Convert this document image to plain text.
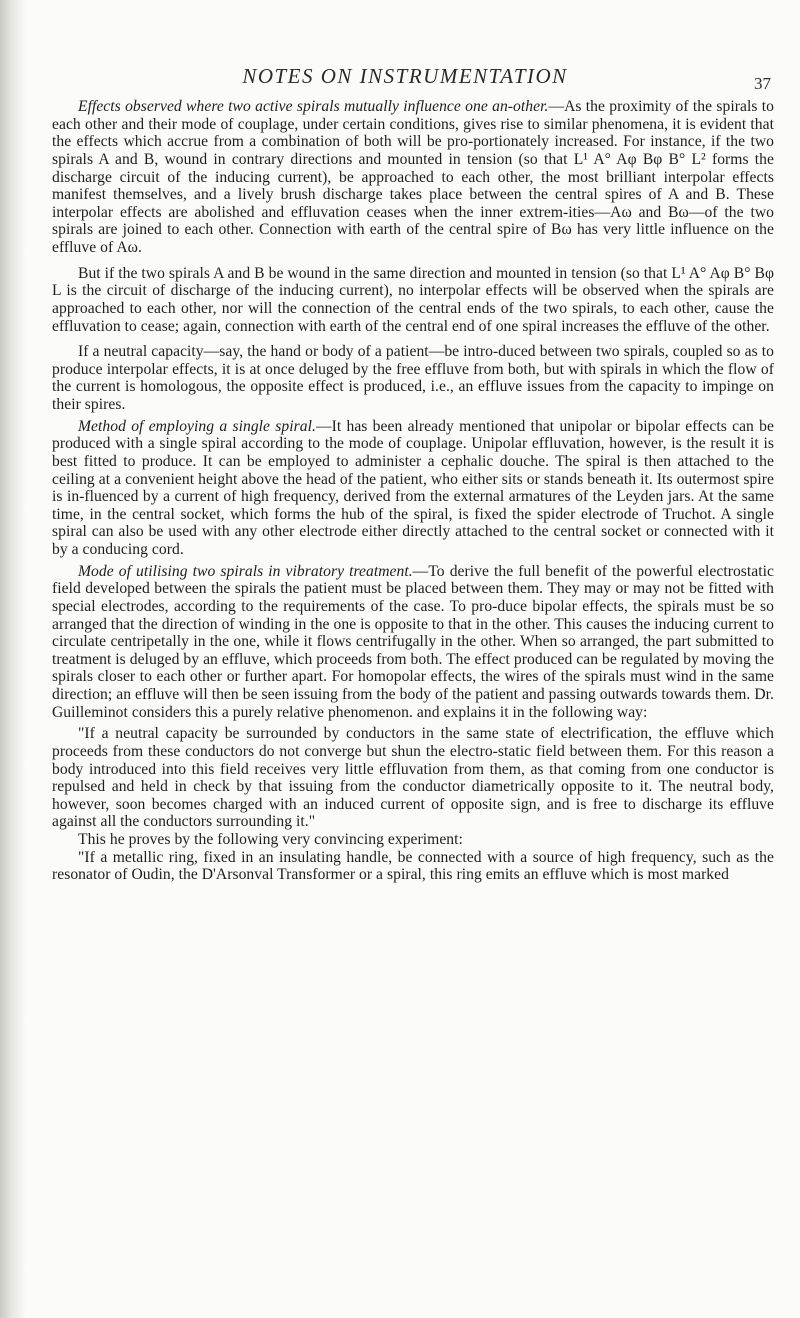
NOTES ON INSTRUMENTATION	37

Effects observed where two active spirals mutually influence one an-other.—As the proximity of the spirals to each other and their mode of couplage, under certain conditions, gives rise to similar phenomena, it is evident that the effects which accrue from a combination of both will be pro-portionately increased. For instance, if the two spirals A and B, wound in contrary directions and mounted in tension (so that L¹ A° Aφ Bφ B° L² forms the discharge circuit of the inducing current), be approached to each other, the most brilliant interpolar effects manifest themselves, and a lively brush discharge takes place between the central spires of A and B. These interpolar effects are abolished and effluvation ceases when the inner extrem-ities—Aω and Bω—of the two spirals are joined to each other. Connection with earth of the central spire of Bω has very little influence on the effluve of Aω.

But if the two spirals A and B be wound in the same direction and mounted in tension (so that L¹ A° Aφ B° Bφ L is the circuit of discharge of the inducing current), no interpolar effects will be observed when the spirals are approached to each other, nor will the connection of the central ends of the two spirals, to each other, cause the effluvation to cease; again, connection with earth of the central end of one spiral increases the effluve of the other.

If a neutral capacity—say, the hand or body of a patient—be intro-duced between two spirals, coupled so as to produce interpolar effects, it is at once deluged by the free effluve from both, but with spirals in which the flow of the current is homologous, the opposite effect is produced, i.e., an effluve issues from the capacity to impinge on their spires.

Method of employing a single spiral.—It has been already mentioned that unipolar or bipolar effects can be produced with a single spiral according to the mode of couplage. Unipolar effluvation, however, is the result it is best fitted to produce. It can be employed to administer a cephalic douche. The spiral is then attached to the ceiling at a convenient height above the head of the patient, who either sits or stands beneath it. Its outermost spire is in-fluenced by a current of high frequency, derived from the external armatures of the Leyden jars. At the same time, in the central socket, which forms the hub of the spiral, is fixed the spider electrode of Truchot. A single spiral can also be used with any other electrode either directly attached to the central socket or connected with it by a conducing cord.

Mode of utilising two spirals in vibratory treatment.—To derive the full benefit of the powerful electrostatic field developed between the spirals the patient must be placed between them. They may or may not be fitted with special electrodes, according to the requirements of the case. To pro-duce bipolar effects, the spirals must be so arranged that the direction of winding in the one is opposite to that in the other. This causes the inducing current to circulate centripetally in the one, while it flows centrifugally in the other. When so arranged, the part submitted to treatment is deluged by an effluve, which proceeds from both. The effect produced can be regulated by moving the spirals closer to each other or further apart. For homopolar effects, the wires of the spirals must wind in the same direction; an effluve will then be seen issuing from the body of the patient and passing outwards towards them. Dr. Guilleminot considers this a purely relative phenomenon. and explains it in the following way:

"If a neutral capacity be surrounded by conductors in the same state of electrification, the effluve which proceeds from these conductors do not converge but shun the electro-static field between them. For this reason a body introduced into this field receives very little effluvation from them, as that coming from one conductor is repulsed and held in check by that issuing from the conductor diametrically opposite to it. The neutral body, however, soon becomes charged with an induced current of opposite sign, and is free to discharge its effluve against all the conductors surrounding it."

This he proves by the following very convincing experiment:

"If a metallic ring, fixed in an insulating handle, be connected with a source of high frequency, such as the resonator of Oudin, the D'Arsonval Transformer or a spiral, this ring emits an effluve which is most marked
